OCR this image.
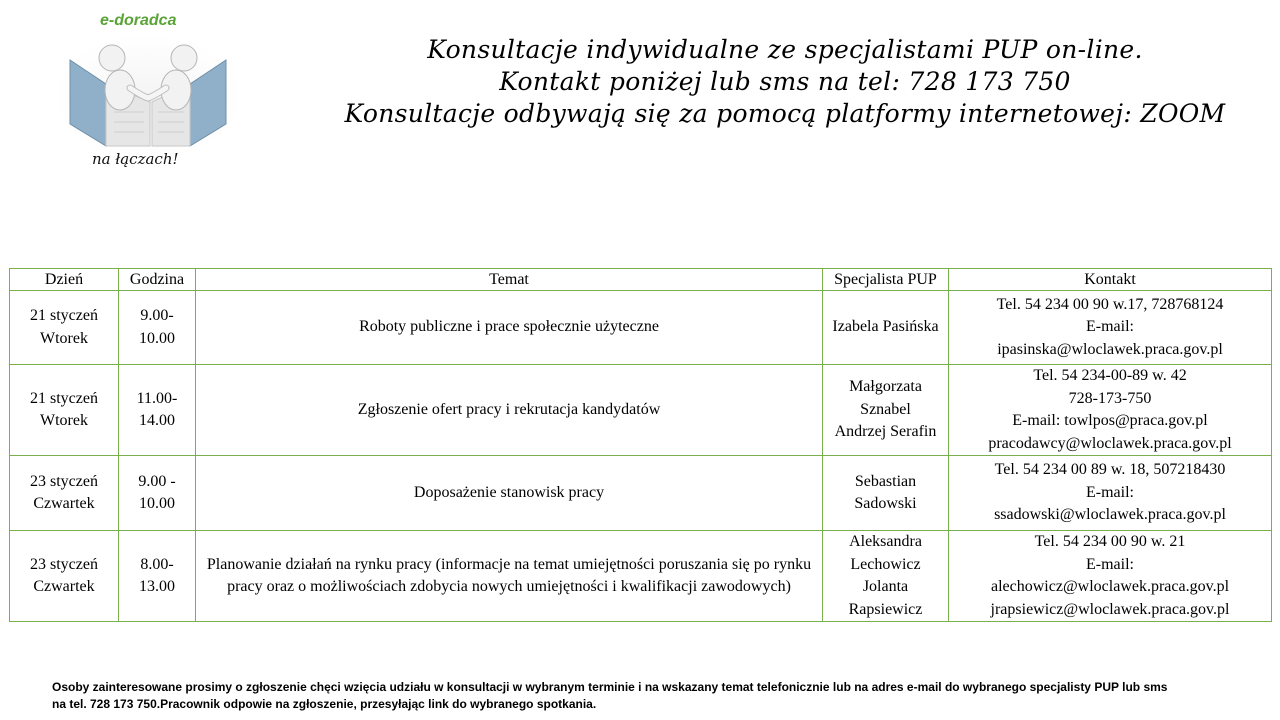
e-doradca
na łączach!
Konsultacje indywidualne ze specjalistami PUP on-line.
Kontakt poniżej lub sms na tel: 728 173 750
Konsultacje odbywają się za pomocą platformy internetowej: ZOOM
Dzień	Godzina	Temat	Specjalista PUP	Kontakt

21 styczeń
Wtorek	9.00-
10.00	Roboty publiczne i prace społecznie użyteczne	Izabela Pasińska	Tel. 54 234 00 90 w.17, 728768124
E-mail:
ipasinska@wloclawek.praca.gov.pl

21 styczeń
Wtorek	11.00-
14.00	Zgłoszenie ofert pracy i rekrutacja kandydatów	Małgorzata
Sznabel
Andrzej Serafin	Tel. 54 234-00-89 w. 42
728-173-750
E-mail: towlpos@praca.gov.pl
pracodawcy@wloclawek.praca.gov.pl

23 styczeń
Czwartek	9.00 -
10.00	Doposażenie stanowisk pracy	Sebastian
Sadowski	Tel. 54 234 00 89 w. 18, 507218430
E-mail:
ssadowski@wloclawek.praca.gov.pl

23 styczeń
Czwartek	8.00-
13.00	Planowanie działań na rynku pracy (informacje na temat umiejętności poruszania się po rynku pracy oraz o możliwościach zdobycia nowych umiejętności i kwalifikacji zawodowych)	Aleksandra
Lechowicz
Jolanta
Rapsiewicz	Tel. 54 234 00 90 w. 21
E-mail:
alechowicz@wloclawek.praca.gov.pl
jrapsiewicz@wloclawek.praca.gov.pl
Osoby zainteresowane prosimy o zgłoszenie chęci wzięcia udziału w konsultacji w wybranym terminie i na wskazany temat telefonicznie lub na adres e-mail do wybranego specjalisty PUP lub sms
na tel. 728 173 750.Pracownik odpowie na zgłoszenie, przesyłając link do wybranego spotkania.
